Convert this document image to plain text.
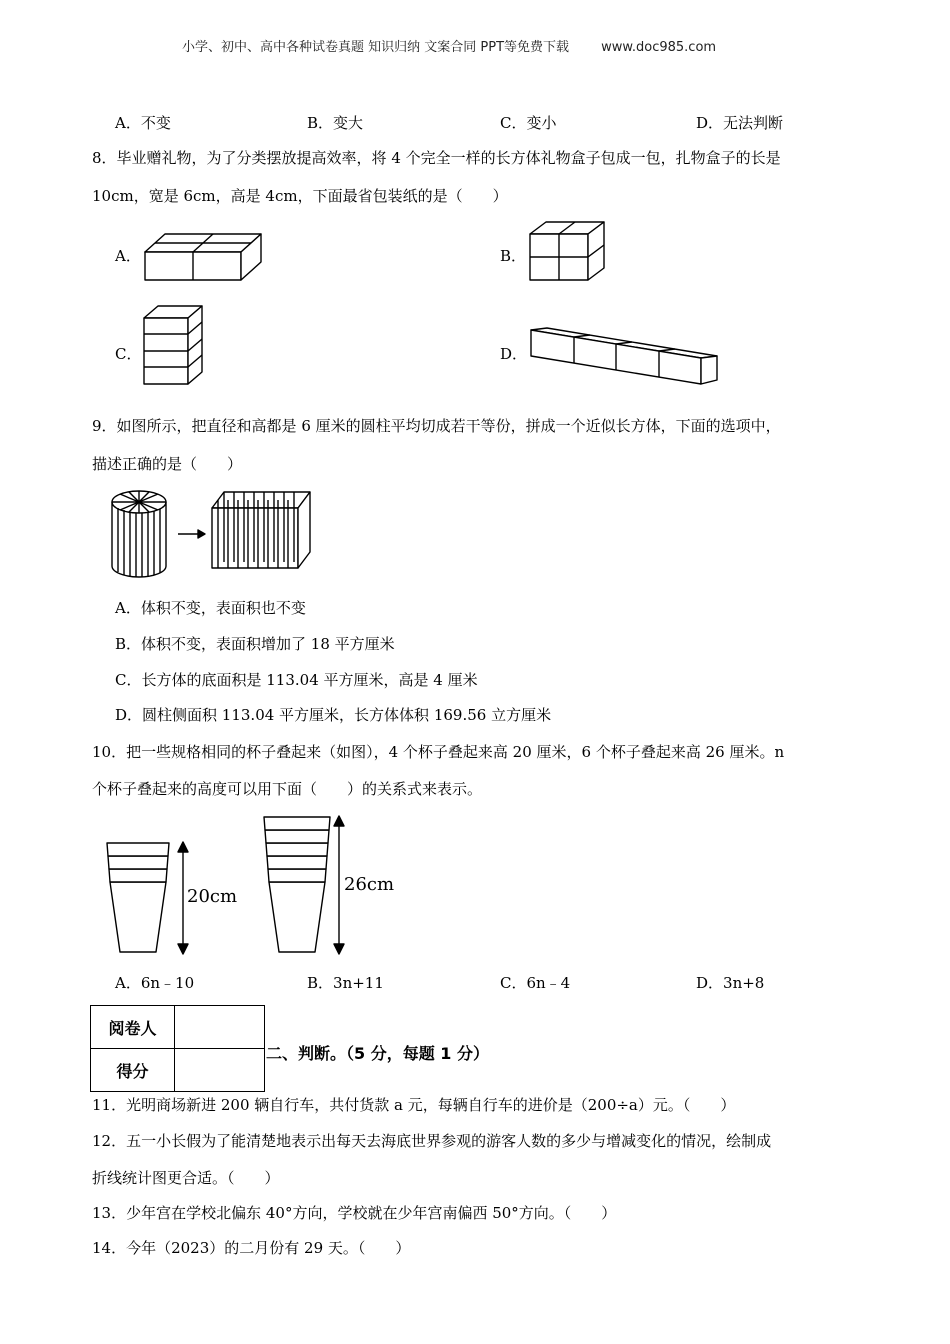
小学、初中、高中各种试卷真题 知识归纳 文案合同 PPT等免费下载 www.doc985.com
A．不变	B．变大	C．变小	D．无法判断
8．毕业赠礼物，为了分类摆放提高效率，将 4 个完全一样的长方体礼物盒子包成一包，扎物盒子的长是
10cm，宽是 6cm，高是 4cm，下面最省包装纸的是（　　）
A．	B．
C．	D．
9．如图所示，把直径和高都是 6 厘米的圆柱平均切成若干等份，拼成一个近似长方体，下面的选项中，
描述正确的是（　　）
A．体积不变，表面积也不变
B．体积不变，表面积增加了 18 平方厘米
C．长方体的底面积是 113.04 平方厘米，高是 4 厘米
D．圆柱侧面积 113.04 平方厘米，长方体体积 169.56 立方厘米
10．把一些规格相同的杯子叠起来（如图），4 个杯子叠起来高 20 厘米，6 个杯子叠起来高 26 厘米。n
个杯子叠起来的高度可以用下面（　　）的关系式来表示。
20cm
26cm
A．6n﹣10	B．3n+11	C．6n﹣4	D．3n+8
阅卷人	
得分	
二、判断。（5 分，每题 1 分）
11．光明商场新进 200 辆自行车，共付货款 a 元，每辆自行车的进价是（200÷a）元。（　　）
12．五一小长假为了能清楚地表示出每天去海底世界参观的游客人数的多少与增减变化的情况，绘制成
折线统计图更合适。（　　）
13．少年宫在学校北偏东 40°方向，学校就在少年宫南偏西 50°方向。（　　）
14．今年（2023）的二月份有 29 天。（　　）
